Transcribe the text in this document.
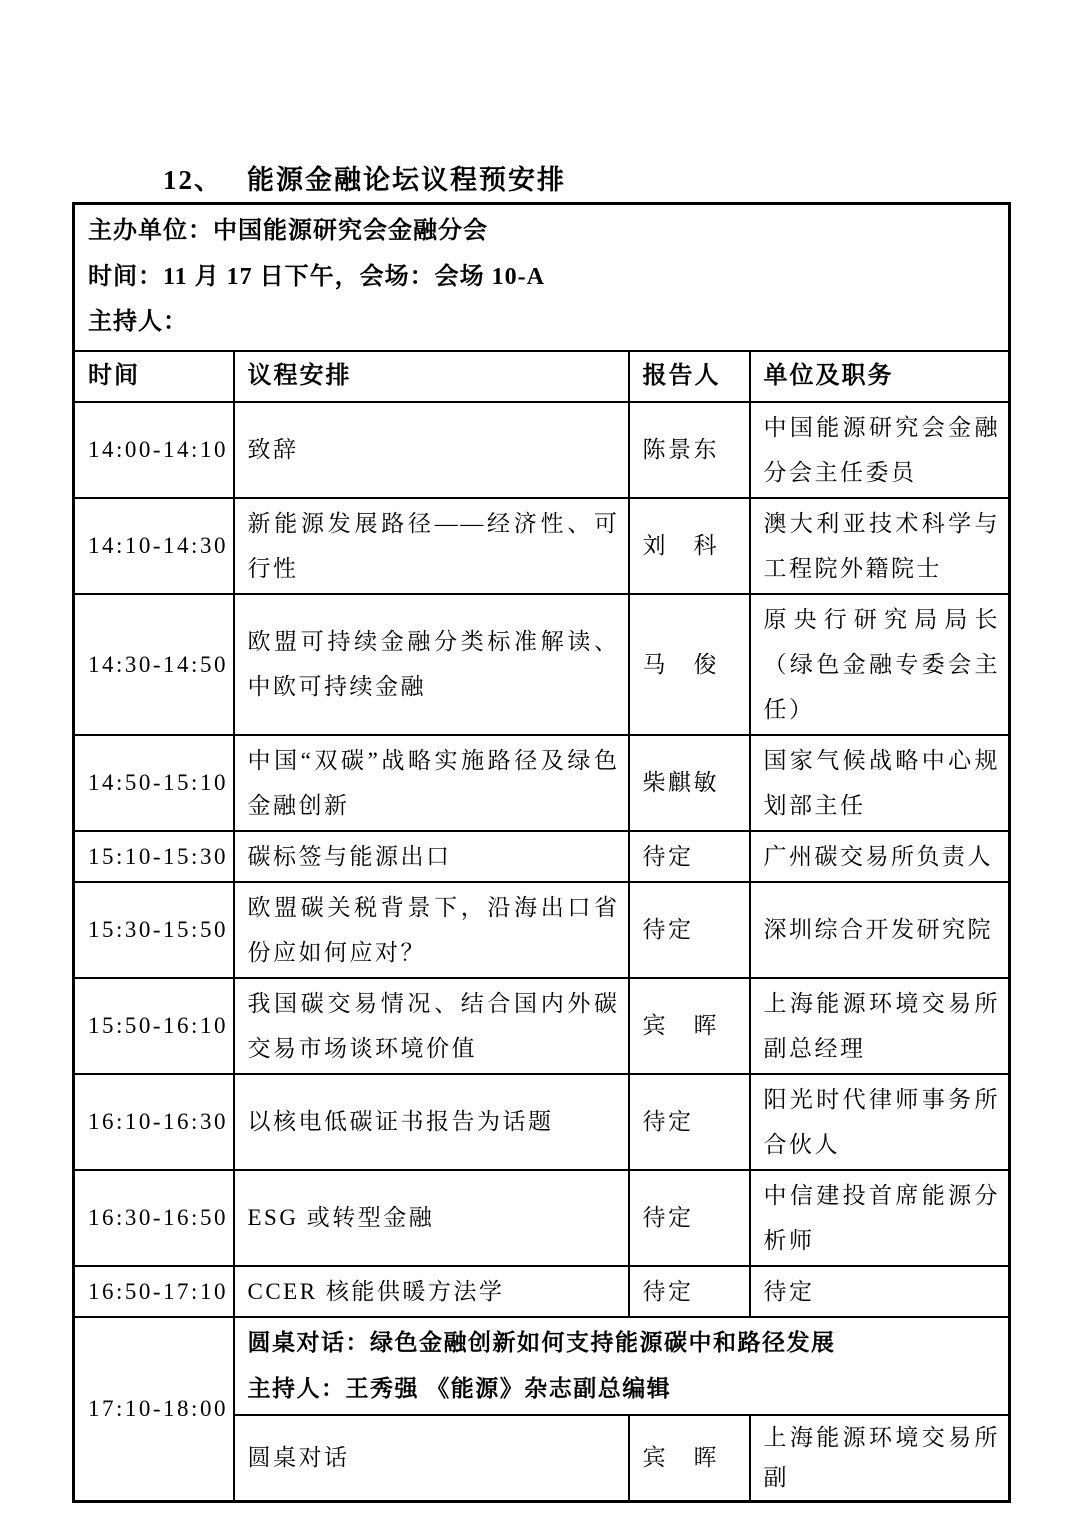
12、 能源金融论坛议程预安排
主办单位：中国能源研究会金融分会
时间：11 月 17 日下午，会场：会场 10-A
主持人：			

时间	议程安排	报告人	单位及职务
14:00-14:10	致辞	陈景东	中国能源研究会金融分会主任委员
14:10-14:30	新能源发展路径——经济性、可行性	刘　科	澳大利亚技术科学与工程院外籍院士
14:30-14:50	欧盟可持续金融分类标准解读、中欧可持续金融	马　俊	原央行研究局局长（绿色金融专委会主任）
14:50-15:10	中国“双碳”战略实施路径及绿色金融创新	柴麒敏	国家气候战略中心规划部主任
15:10-15:30	碳标签与能源出口	待定	广州碳交易所负责人
15:30-15:50	欧盟碳关税背景下，沿海出口省份应如何应对？	待定	深圳综合开发研究院
15:50-16:10	我国碳交易情况、结合国内外碳交易市场谈环境价值	宾　晖	上海能源环境交易所副总经理
16:10-16:30	以核电低碳证书报告为话题	待定	阳光时代律师事务所合伙人
16:30-16:50	ESG 或转型金融	待定	中信建投首席能源分析师
16:50-17:10	CCER 核能供暖方法学	待定	待定
17:10-18:00	圆桌对话：绿色金融创新如何支持能源碳中和路径发展
主持人：王秀强 《能源》杂志副总编辑		

	圆桌对话	宾　晖	上海能源环境交易所副
